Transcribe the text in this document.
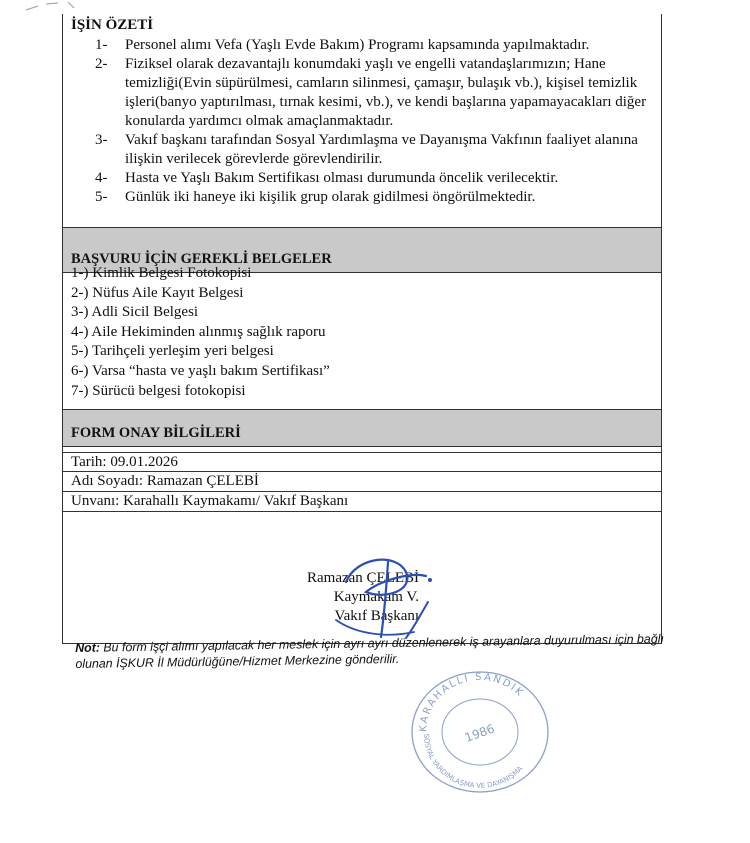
İŞİN ÖZETİ
1-	Personel alımı Vefa (Yaşlı Evde Bakım) Programı kapsamında yapılmaktadır.
2-	Fiziksel olarak dezavantajlı konumdaki yaşlı ve engelli vatandaşlarımızın; Hane temizliği(Evin süpürülmesi, camların silinmesi, çamaşır, bulaşık vb.), kişisel temizlik işleri(banyo yaptırılması, tırnak kesimi, vb.), ve kendi başlarına yapamayacakları diğer konularda yardımcı olmak amaçlanmaktadır.
3-	Vakıf başkanı tarafından Sosyal Yardımlaşma ve Dayanışma Vakfının faaliyet alanına ilişkin verilecek görevlerde görevlendirilir.
4-	Hasta ve Yaşlı Bakım Sertifikası olması durumunda öncelik verilecektir.
5-	Günlük iki haneye iki kişilik grup olarak gidilmesi öngörülmektedir.
BAŞVURU İÇİN GEREKLİ BELGELER
1-) Kimlik Belgesi Fotokopisi
2-) Nüfus Aile Kayıt Belgesi
3-) Adli Sicil Belgesi
4-) Aile Hekiminden alınmış sağlık raporu
5-) Tarihçeli yerleşim yeri belgesi
6-) Varsa “hasta ve yaşlı bakım Sertifikası”
7-) Sürücü belgesi fotokopisi
FORM ONAY BİLGİLERİ
Tarih: 09.01.2026
Adı Soyadı: Ramazan ÇELEBİ
Unvanı: Karahallı Kaymakamı/ Vakıf Başkanı
Ramazan ÇELEBİ
Kaymakam V.
Vakıf Başkanı
Not: Bu form işçi alımı yapılacak her meslek için ayrı ayrı düzenlenerek iş arayanlara duyurulması için bağlı olunan İŞKUR İl Müdürlüğüne/Hizmet Merkezine gönderilir.
KARAHALLI SANDIK
SOSYAL YARDIMLAŞMA VE DAYANIŞMA
1986
